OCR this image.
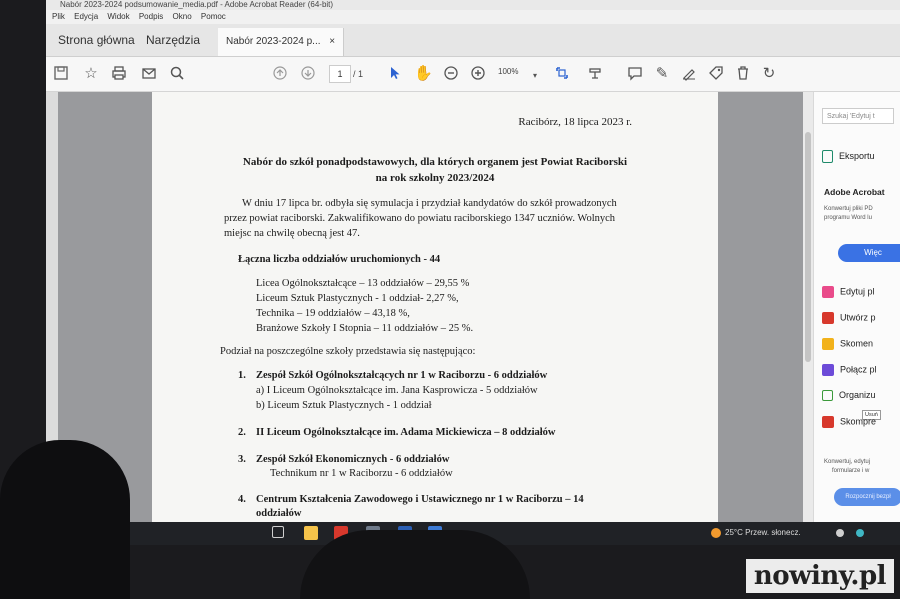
Nabór 2023-2024 podsumowanie_media.pdf - Adobe Acrobat Reader (64-bit)
Plik Edycja Widok Podpis Okno Pomoc
Strona główna Narzędzia	Nabór 2023-2024 p... ×
☆	1	/ 1	✋	100%	▾	✎	↻
Racibórz, 18 lipca 2023 r.
Nabór do szkół ponadpodstawowych, dla których organem jest Powiat Raciborski
na rok szkolny 2023/2024
W dniu 17 lipca br. odbyła się symulacja i przydział kandydatów do szkół prowadzonych
przez powiat raciborski. Zakwalifikowano do powiatu raciborskiego 1347 uczniów. Wolnych
miejsc na chwilę obecną jest 47.
Łączna liczba oddziałów uruchomionych - 44
Licea Ogólnokształcące – 13 oddziałów – 29,55 %
Liceum Sztuk Plastycznych - 1 oddział- 2,27 %,
Technika – 19 oddziałów – 43,18 %,
Branżowe Szkoły I Stopnia – 11 oddziałów – 25 %.
Podział na poszczególne szkoły przedstawia się następująco:
1. Zespół Szkół Ogólnokształcących nr 1 w Raciborzu - 6 oddziałów
a) I Liceum Ogólnokształcące im. Jana Kasprowicza - 5 oddziałów
b) Liceum Sztuk Plastycznych - 1 oddział
2. II Liceum Ogólnokształcące im. Adama Mickiewicza – 8 oddziałów
3. Zespół Szkół Ekonomicznych - 6 oddziałów
Technikum nr 1 w Raciborzu - 6 oddziałów
4. Centrum Kształcenia Zawodowego i Ustawicznego nr 1 w Raciborzu – 14
oddziałów
Szukaj 'Edytuj t
Eksportu
Adobe Acrobat
Konwertuj pliki PD
programu Word lu
Więc
Edytuj pl
Utwórz p
Skomen
Połącz pl
Organizu
Usuń
Skompre
Konwertuj, edytuj
formularze i w
Rozpocznij bezpł
25°C Przew. słonecz.
nowiny.pl
